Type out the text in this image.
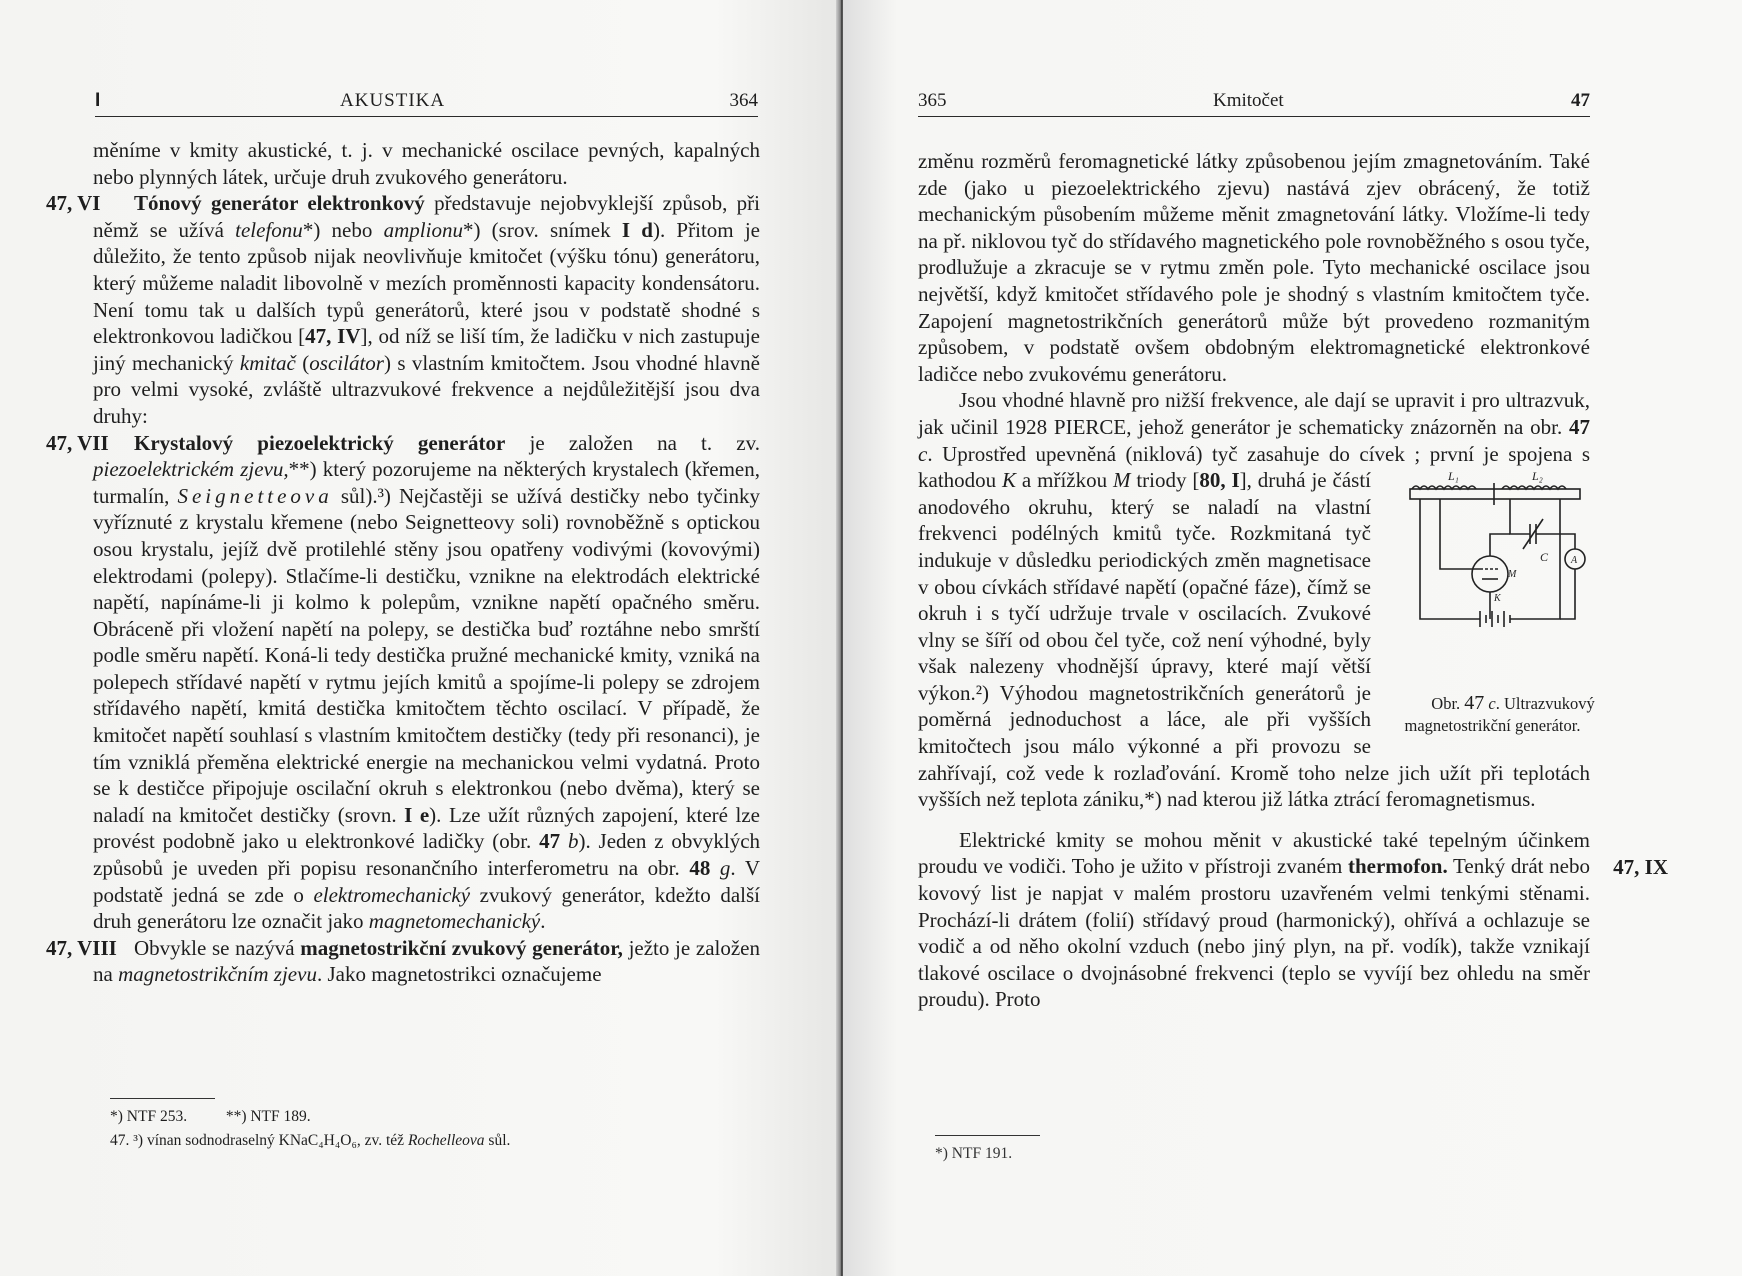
I	AKUSTIKA	364

měníme v kmity akustické, t. j. v mechanické oscilace pevných, kapalných nebo plynných látek, určuje druh zvukového generátoru.

47, VI Tónový generátor elektronkový představuje nejobvyklejší způsob, při němž se užívá telefonu*) nebo amplionu*) (srov. snímek I d). Přitom je důležito, že tento způsob nijak neovlivňuje kmitočet (výšku tónu) generátoru, který můžeme naladit libovolně v mezích proměnnosti kapacity kondensátoru. Není tomu tak u dalších typů generátorů, které jsou v podstatě shodné s elektronkovou ladičkou [47, IV], od níž se liší tím, že ladičku v nich zastupuje jiný mechanický kmitač (oscilátor) s vlastním kmitočtem. Jsou vhodné hlavně pro velmi vysoké, zvláště ultrazvukové frekvence a nejdůležitější jsou dva druhy:
47, VII Krystalový piezoelektrický generátor je založen na t. zv. piezoelektrickém zjevu,**) který pozorujeme na některých krystalech (křemen, turmalín, Seignetteova sůl).³) Nejčastěji se užívá destičky nebo tyčinky vyříznuté z krystalu křemene (nebo Seignetteovy soli) rovnoběžně s optickou osou krystalu, jejíž dvě protilehlé stěny jsou opatřeny vodivými (kovovými) elektrodami (polepy). Stlačíme-li destičku, vznikne na elektrodách elektrické napětí, napínáme-li ji kolmo k polepům, vznikne napětí opačného směru. Obráceně při vložení napětí na polepy, se destička buď roztáhne nebo smrští podle směru napětí. Koná-li tedy destička pružné mechanické kmity, vzniká na polepech střídavé napětí v rytmu jejích kmitů a spojíme-li polepy se zdrojem střídavého napětí, kmitá destička kmitočtem těchto oscilací. V případě, že kmitočet napětí souhlasí s vlastním kmitočtem destičky (tedy při resonanci), je tím vzniklá přeměna elektrické energie na mechanickou velmi vydatná. Proto se k destičce připojuje oscilační okruh s elektronkou (nebo dvěma), který se naladí na kmitočet destičky (srovn. I e). Lze užít různých zapojení, které lze provést podobně jako u elektronkové ladičky (obr. 47 b). Jeden z obvyklých způsobů je uveden při popisu resonančního interferometru na obr. 48 g. V podstatě jedná se zde o elektromechanický zvukový generátor, kdežto další druh generátoru lze označit jako magnetomechanický.
47, VIII Obvykle se nazývá magnetostrikční zvukový generátor, ježto je založen na magnetostrikčním zjevu. Jako magnetostrikci označujeme
*) NTF 253.          **) NTF 189.
47. ³) vínan sodnodraselný KNaC₄H₄O₆, zv. též Rochelleova sůl.
365	Kmitočet	47

změnu rozměrů feromagnetické látky způsobenou jejím zmagnetováním. Také zde (jako u piezoelektrického zjevu) nastává zjev obrácený, že totiž mechanickým působením můžeme měnit zmagnetování látky. Vložíme-li tedy na př. niklovou tyč do střídavého magnetického pole rovnoběžného s osou tyče, prodlužuje a zkracuje se v rytmu změn pole. Tyto mechanické oscilace jsou největší, když kmitočet střídavého pole je shodný s vlastním kmitočtem tyče. Zapojení magnetostrikčních generátorů může být provedeno rozmanitým způsobem, v podstatě ovšem obdobným elektromagnetické elektronkové ladičce nebo zvukovému generátoru.

Jsou vhodné hlavně pro nižší frekvence, ale dají se upravit i pro ultrazvuk, jak učinil 1928 PIERCE, jehož generátor je schematicky znázorněn na obr. 47 c. Uprostřed upevněná (niklová) tyč zasahuje do cívek
L₁	L₂
C A
M
K
Obr. 47 c. Ultrazvukový magnetostrikční generátor.
; první je spojena s kathodou K a mřížkou M triody [80, I], druhá je částí anodového okruhu, který se naladí na vlastní frekvenci podélných kmitů tyče. Rozkmitaná tyč indukuje v důsledku periodických změn magnetisace v obou cívkách střídavé napětí (opačné fáze), čímž se okruh i s tyčí udržuje trvale v oscilacích. Zvukové vlny se šíří od obou čel tyče, což není výhodné, byly však nalezeny vhodnější úpravy, které mají větší výkon.²) Výhodou magnetostrikčních generátorů je poměrná jednoduchost a láce, ale při vyšších kmitočtech jsou málo výkonné a při provozu se zahřívají, což vede k rozlaďování. Kromě toho nelze jich užít při teplotách vyšších než teplota zániku,*) nad kterou již látka ztrácí feromagnetismus.
47, IX
Elektrické kmity se mohou měnit v akustické také tepelným účinkem proudu ve vodiči. Toho je užito v přístroji zvaném thermofon. Tenký drát nebo kovový list je napjat v malém prostoru uzavřeném velmi tenkými stěnami. Prochází-li drátem (folií) střídavý proud (harmonický), ohřívá a ochlazuje se vodič a od něho okolní vzduch (nebo jiný plyn, na př. vodík), takže vznikají tlakové oscilace o dvojnásobné frekvenci (teplo se vyvíjí bez ohledu na směr proudu). Proto
*) NTF 191.
